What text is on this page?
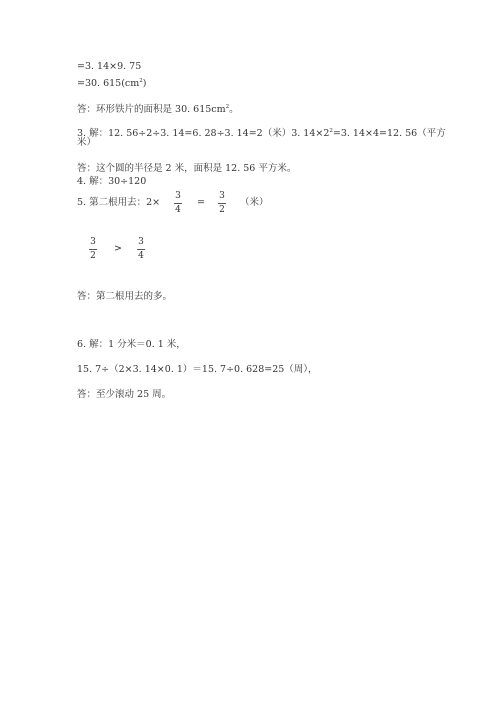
=3. 14×9. 75
=30. $615(cm^2)$
答：环形铁片的面积是 30. $615cm^2$。
3. 解：12. 56÷2÷3. 14=6. 28÷3. 14=2（米）3. $14\times 2^2=3$. 14×4=12. 56（平方
米）
答：这个圆的半径是 2 米，面积是 12. 56 平方米。
4. 解：30÷120
5. 第二根用去：2×
3
4
=
3
2
（米）
3
2
>
3
4
答：第二根用去的多。
6. 解：1 分米＝0. 1 米，
15. 7÷（2×3. 14×0. 1）＝15. 7÷0. 628=25（周），
答：至少滚动 25 周。
